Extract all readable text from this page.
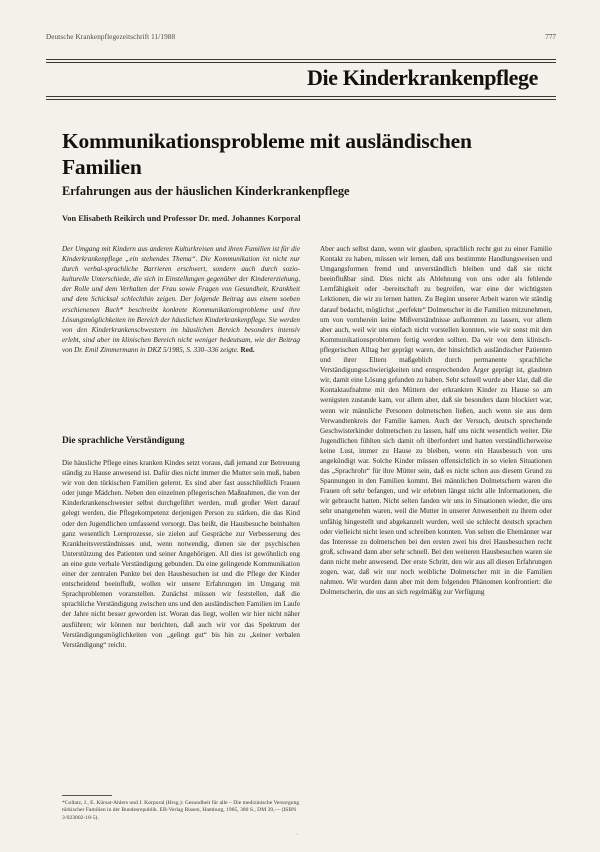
Deutsche Krankenpflegezeitschrift 11/1988	777
Die Kinderkrankenpflege
Kommunikationsprobleme mit ausländischen Familien
Erfahrungen aus der häuslichen Kinderkrankenpflege
Von Elisabeth Reikirch und Professor Dr. med. Johannes Korporal

Der Umgang mit Kindern aus anderen Kulturkreisen und ihren Familien ist für die Kinderkrankenpflege „ein stehendes Thema“. Die Kommunikation ist nicht nur durch verbal-sprachliche Barrieren erschwert, sondern auch durch sozio-kulturelle Unterschiede, die sich in Einstellungen gegenüber der Kindererziehung, der Rolle und dem Verhalten der Frau sowie Fragen von Gesundheit, Krankheit und dem Schicksal schlechthin zeigen. Der folgende Beitrag aus einem soeben erschienenen Buch* beschreibt konkrete Kommunikationsprobleme und ihre Lösungsmöglichkeiten im Bereich der häuslichen Kinderkrankenpflege. Sie werden von den Kinderkrankenschwestern im häuslichen Bereich besonders intensiv erlebt, sind aber im klinischen Bereich nicht weniger bedeutsam, wie der Beitrag von Dr. Emil Zimmermann in DKZ 5/1985, S. 330–336 zeigte. Red.

Die sprachliche Verständigung

Die häusliche Pflege eines kranken Kindes setzt voraus, daß jemand zur Betreuung ständig zu Hause anwesend ist. Dafür dies nicht immer die Mutter sein muß, haben wir von den türkischen Familien gelernt. Es sind aber fast ausschließlich Frauen oder junge Mädchen. Neben den einzelnen pflegerischen Maßnahmen, die von der Kinderkrankenschwester selbst durchgeführt werden, muß großer Wert darauf gelegt werden, die Pflegekompetenz derjenigen Person zu stärken, die das Kind oder den Jugendlichen umfassend versorgt. Das heißt, die Hausbesuche beinhalten ganz wesentlich Lernprozesse, sie zielen auf Gespräche zur Verbesserung des Krankheitsverständnisses und, wenn notwendig, dienen sie der psychischen Unterstützung des Patienten und seiner Angehörigen. All dies ist gewöhnlich eng an eine gute verbale Verständigung gebunden. Da eine gelingende Kommunikation einer der zentralen Punkte bei den Hausbesuchen ist und die Pflege der Kinder entscheidend beeinflußt, wollen wir unsere Erfahrungen im Umgang mit Sprachproblemen voranstellen. Zunächst müssen wir feststellen, daß die sprachliche Verständigung zwischen uns und den ausländischen Familien im Laufe der Jahre nicht besser geworden ist. Woran das liegt, wollen wir hier nicht näher ausführen; wir können nur berichten, daß auch wir vor das Spektrum der Verständigungsmöglichkeiten von „gelingt gut“ bis hin zu „keiner verbalen Verständigung“ reicht.

Aber auch selbst dann, wenn wir glauben, sprachlich recht gut zu einer Familie Kontakt zu haben, müssen wir lernen, daß uns bestimmte Handlungsweisen und Umgangsformen fremd und unverständlich bleiben und daß sie nicht beeinflußbar sind. Dies nicht als Ablehnung von uns oder als fehlende Lernfähigkeit oder -bereitschaft zu begreifen, war eine der wichtigsten Lektionen, die wir zu lernen hatten. Zu Beginn unserer Arbeit waren wir ständig darauf bedacht, möglichst „perfekte“ Dolmetscher in die Familien mitzunehmen, um von vornherein keine Mißverständnisse aufkommen zu lassen, vor allem aber auch, weil wir uns einfach nicht vorstellen konnten, wie wir sonst mit den Kommunikationsproblemen fertig werden sollten. Da wir von dem klinisch-pflegerischen Alltag her geprägt waren, der hinsichtlich ausländischer Patienten und ihrer Eltern maßgeblich durch permanente sprachliche Verständigungsschwierigkeiten und entsprechenden Ärger geprägt ist, glaubten wir, damit eine Lösung gefunden zu haben. Sehr schnell wurde aber klar, daß die Kontaktaufnahme mit den Müttern der erkrankten Kinder zu Hause so am wenigsten zustande kam, vor allem aber, daß sie besonders dann blockiert war, wenn wir männliche Personen dolmetschen ließen, auch wenn sie aus dem Verwandtenkreis der Familie kamen. Auch der Versuch, deutsch sprechende Geschwisterkinder dolmetschen zu lassen, half uns nicht wesentlich weiter. Die Jugendlichen fühlten sich damit oft überfordert und hatten verständlicherweise keine Lust, immer zu Hause zu bleiben, wenn ein Hausbesuch von uns angekündigt war. Solche Kinder müssen offensichtlich in so vielen Situationen das „Sprachrohr“ für ihre Mütter sein, daß es nicht schon aus diesem Grund zu Spannungen in den Familien kommt. Bei männlichen Dolmetschern waren die Frauen oft sehr befangen, und wir erlebten längst nicht alle Informationen, die wir gebraucht hatten. Nicht selten fanden wir uns in Situationen wieder, die uns sehr unangenehm waren, weil die Mutter in unserer Anwesenheit zu ihrem oder unfähig hingestellt und abgekanzelt wurden, weil sie schlecht deutsch sprachen oder vielleicht nicht lesen und schreiben konnten. Von selten die Ehemänner war das Interesse zu dolmetschen bei den ersten zwei bis drei Hausbesuchen recht groß, schwand dann aber sehr schnell. Bei den weiteren Hausbesuchen waren sie dann nicht mehr anwesend. Der erste Schritt, den wir aus all diesen Erfahrungen zogen, war, daß wir nur noch weibliche Dolmetscher mit in die Familien nahmen. Wir wurden dann aber mit dem folgenden Phänomen konfrontiert: die Dolmetscherin, die uns an sich regelmäßig zur Verfügung

*Collatz, J., E. Kürsat-Ahlers und J. Korporal (Hrsg.): Gesundheit für alle – Die medizinische Versorgung türkischer Familien in der Bundesrepublik. EB-Verlag Rissen, Hamburg, 1985, 380 S., DM 39,— (ISBN 3-923002-18-5).
·
